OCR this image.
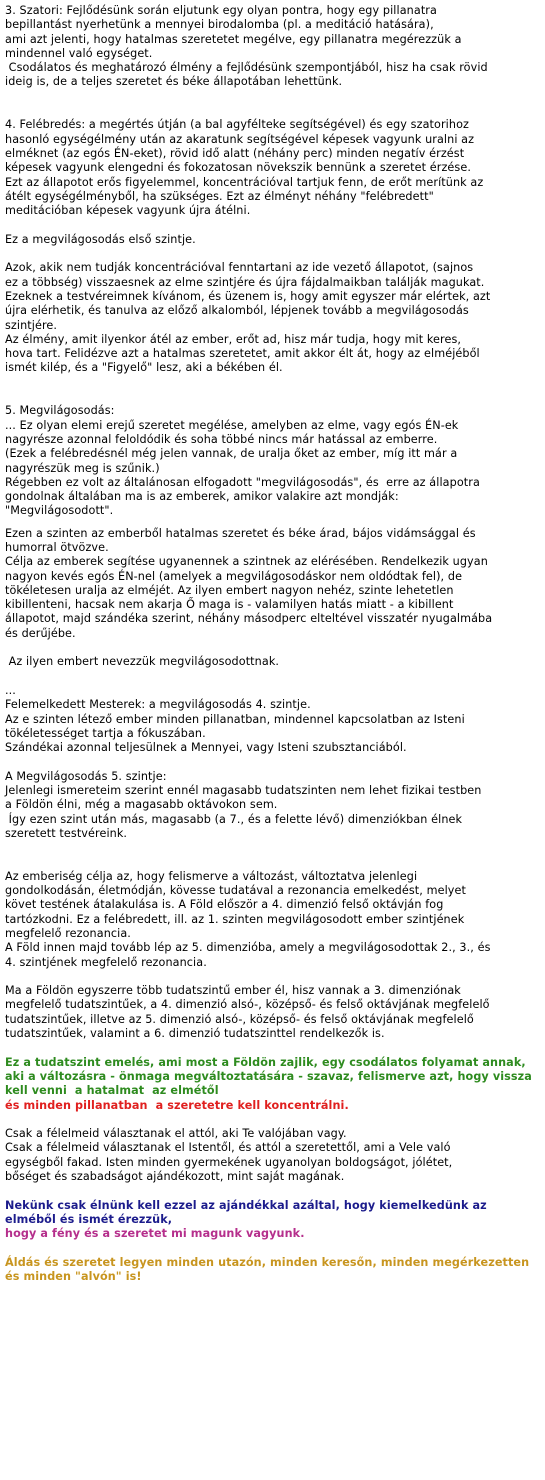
3. Szatori: Fejlődésünk során eljutunk egy olyan pontra, hogy egy pillanatra
bepillantást nyerhetünk a mennyei birodalomba (pl. a meditáció hatására),
ami azt jelenti, hogy hatalmas szeretetet megélve, egy pillanatra megérezzük a
mindennel való egységet.
Csodálatos és meghatározó élmény a fejlődésünk szempontjából, hisz ha csak rövid
ideig is, de a teljes szeretet és béke állapotában lehettünk.
4. Felébredés: a megértés útján (a bal agyfélteke segítségével) és egy szatorihoz
hasonló egységélmény után az akaratunk segítségével képesek vagyunk uralni az
elméknet (az egós ÉN-eket), rövid idő alatt (néhány perc) minden negatív érzést
képesek vagyunk elengedni és fokozatosan növekszik bennünk a szeretet érzése.
Ezt az állapotot erős figyelemmel, koncentrációval tartjuk fenn, de erőt merítünk az
átélt egységélményből, ha szükséges. Ezt az élményt néhány "felébredett"
meditációban képesek vagyunk újra átélni.
Ez a megvilágosodás első szintje.
Azok, akik nem tudják koncentrációval fenntartani az ide vezető állapotot, (sajnos
ez a többség) visszaesnek az elme szintjére és újra fájdalmaikban találják magukat.
Ezeknek a testvéreimnek kívánom, és üzenem is, hogy amit egyszer már elértek, azt
újra elérhetik, és tanulva az előző alkalomból, lépjenek tovább a megvilágosodás
szintjére.
Az élmény, amit ilyenkor átél az ember, erőt ad, hisz már tudja, hogy mit keres,
hova tart. Felidézve azt a hatalmas szeretetet, amit akkor élt át, hogy az elméjéből
ismét kilép, és a "Figyelő" lesz, aki a békében él.
5. Megvilágosodás:
... Ez olyan elemi erejű szeretet megélése, amelyben az elme, vagy egós ÉN-ek
nagyrésze azonnal feloldódik és soha többé nincs már hatással az emberre.
(Ezek a felébredésnél még jelen vannak, de uralja őket az ember, míg itt már a
nagyrészük meg is szűnik.)
Régebben ez volt az általánosan elfogadott "megvilágosodás", és  erre az állapotra
gondolnak általában ma is az emberek, amikor valakire azt mondják:
"Megvilágosodott".
Ezen a szinten az emberből hatalmas szeretet és béke árad, bájos vidámsággal és
humorral ötvözve.
Célja az emberek segítése ugyanennek a szintnek az elérésében. Rendelkezik ugyan
nagyon kevés egós ÉN-nel (amelyek a megvilágosodáskor nem oldódtak fel), de
tökéletesen uralja az elméjét. Az ilyen embert nagyon nehéz, szinte lehetetlen
kibillenteni, hacsak nem akarja Ő maga is - valamilyen hatás miatt - a kibillent
állapotot, majd szándéka szerint, néhány másodperc elteltével visszatér nyugalmába
és derűjébe.
Az ilyen embert nevezzük megvilágosodottnak.
...
Felemelkedett Mesterek: a megvilágosodás 4. szintje.
Az e szinten létező ember minden pillanatban, mindennel kapcsolatban az Isteni
tökéletességet tartja a fókuszában.
Szándékai azonnal teljesülnek a Mennyei, vagy Isteni szubsztanciából.
A Megvilágosodás 5. szintje:
Jelenlegi ismereteim szerint ennél magasabb tudatszinten nem lehet fizikai testben
a Földön élni, még a magasabb oktávokon sem.
Így ezen szint után más, magasabb (a 7., és a felette lévő) dimenziókban élnek
szeretett testvéreink.
Az emberiség célja az, hogy felismerve a változást, változtatva jelenlegi
gondolkodásán, életmódján, kövesse tudatával a rezonancia emelkedést, melyet
követ testének átalakulása is. A Föld először a 4. dimenzió felső oktávján fog
tartózkodni. Ez a felébredett, ill. az 1. szinten megvilágosodott ember szintjének
megfelelő rezonancia.
A Föld innen majd tovább lép az 5. dimenzióba, amely a megvilágosodottak 2., 3., és
4. szintjének megfelelő rezonancia.
Ma a Földön egyszerre több tudatszintű ember él, hisz vannak a 3. dimenziónak
megfelelő tudatszintűek, a 4. dimenzió alsó-, középső- és felső oktávjának megfelelő
tudatszintűek, illetve az 5. dimenzió alsó-, középső- és felső oktávjának megfelelő
tudatszintűek, valamint a 6. dimenzió tudatszinttel rendelkezők is.
Ez a tudatszint emelés, ami most a Földön zajlik, egy csodálatos folyamat annak,
aki a változásra - önmaga megváltoztatására - szavaz, felismerve azt, hogy vissza
kell venni  a hatalmat  az elmétől
és minden pillanatban  a szeretetre kell koncentrálni.
Csak a félelmeid választanak el attól, aki Te valójában vagy.
Csak a félelmeid választanak el Istentől, és attól a szeretettől, ami a Vele való
egységből fakad. Isten minden gyermekének ugyanolyan boldogságot, jólétet,
bőséget és szabadságot ajándékozott, mint saját magának.
Nekünk csak élnünk kell ezzel az ajándékkal azáltal, hogy kiemelkedünk az
elméből és ismét érezzük,
hogy a fény és a szeretet mi magunk vagyunk.
Áldás és szeretet legyen minden utazón, minden keresőn, minden megérkezetten
és minden "alvón" is!
